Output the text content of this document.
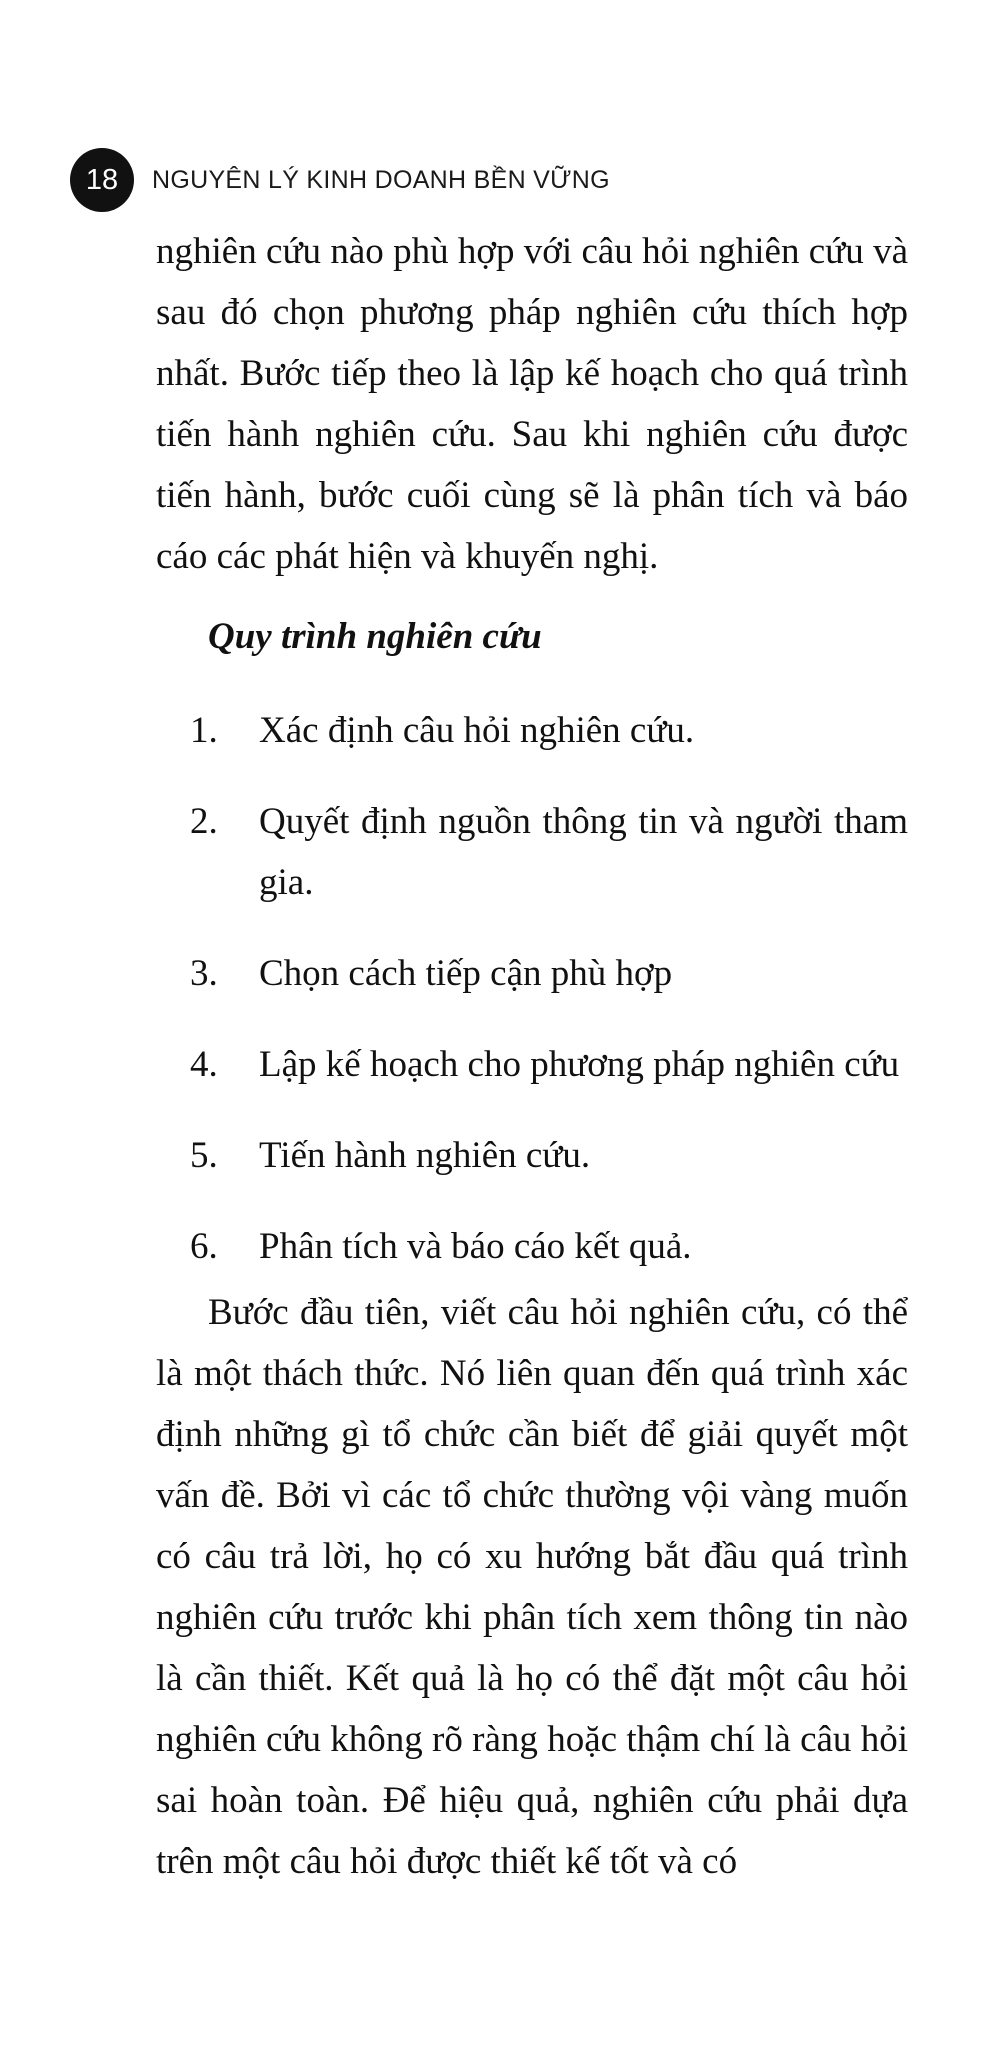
18	NGUYÊN LÝ KINH DOANH BỀN VỮNG

nghiên cứu nào phù hợp với câu hỏi nghiên cứu và sau đó chọn phương pháp nghiên cứu thích hợp nhất. Bước tiếp theo là lập kế hoạch cho quá trình tiến hành nghiên cứu. Sau khi nghiên cứu được tiến hành, bước cuối cùng sẽ là phân tích và báo cáo các phát hiện và khuyến nghị.

Quy trình nghiên cứu
1.	Xác định câu hỏi nghiên cứu.
2.	Quyết định nguồn thông tin và người tham gia.
3.	Chọn cách tiếp cận phù hợp
4.	Lập kế hoạch cho phương pháp nghiên cứu
5.	Tiến hành nghiên cứu.
6.	Phân tích và báo cáo kết quả.

Bước đầu tiên, viết câu hỏi nghiên cứu, có thể là một thách thức. Nó liên quan đến quá trình xác định những gì tổ chức cần biết để giải quyết một vấn đề. Bởi vì các tổ chức thường vội vàng muốn có câu trả lời, họ có xu hướng bắt đầu quá trình nghiên cứu trước khi phân tích xem thông tin nào là cần thiết. Kết quả là họ có thể đặt một câu hỏi nghiên cứu không rõ ràng hoặc thậm chí là câu hỏi sai hoàn toàn. Để hiệu quả, nghiên cứu phải dựa trên một câu hỏi được thiết kế tốt và có
